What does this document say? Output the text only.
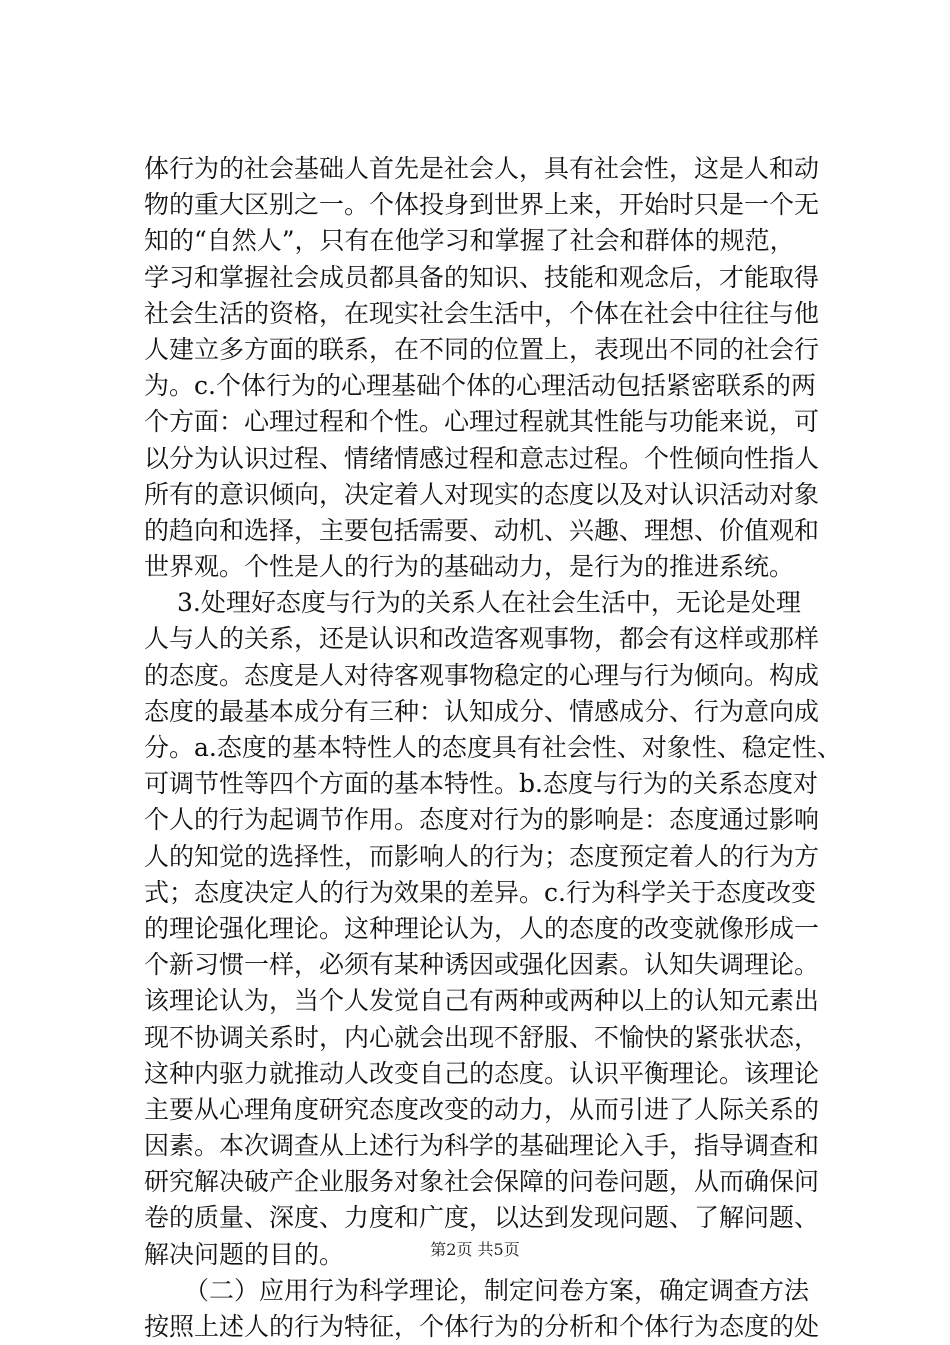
体行为的社会基础人首先是社会人，具有社会性，这是人和动
物的重大区别之一。个体投身到世界上来，开始时只是一个无
知的“自然人”，只有在他学习和掌握了社会和群体的规范，
学习和掌握社会成员都具备的知识、技能和观念后，才能取得
社会生活的资格，在现实社会生活中，个体在社会中往往与他
人建立多方面的联系，在不同的位置上，表现出不同的社会行
为。c.个体行为的心理基础个体的心理活动包括紧密联系的两
个方面：心理过程和个性。心理过程就其性能与功能来说，可
以分为认识过程、情绪情感过程和意志过程。个性倾向性指人
所有的意识倾向，决定着人对现实的态度以及对认识活动对象
的趋向和选择，主要包括需要、动机、兴趣、理想、价值观和
世界观。个性是人的行为的基础动力，是行为的推进系统。
3.处理好态度与行为的关系人在社会生活中，无论是处理
人与人的关系，还是认识和改造客观事物，都会有这样或那样
的态度。态度是人对待客观事物稳定的心理与行为倾向。构成
态度的最基本成分有三种：认知成分、情感成分、行为意向成
分。a.态度的基本特性人的态度具有社会性、对象性、稳定性、
可调节性等四个方面的基本特性。b.态度与行为的关系态度对
个人的行为起调节作用。态度对行为的影响是：态度通过影响
人的知觉的选择性，而影响人的行为；态度预定着人的行为方
式；态度决定人的行为效果的差异。c.行为科学关于态度改变
的理论强化理论。这种理论认为，人的态度的改变就像形成一
个新习惯一样，必须有某种诱因或强化因素。认知失调理论。
该理论认为，当个人发觉自己有两种或两种以上的认知元素出
现不协调关系时，内心就会出现不舒服、不愉快的紧张状态，
这种内驱力就推动人改变自己的态度。认识平衡理论。该理论
主要从心理角度研究态度改变的动力，从而引进了人际关系的
因素。本次调查从上述行为科学的基础理论入手，指导调查和
研究解决破产企业服务对象社会保障的问卷问题，从而确保问
卷的质量、深度、力度和广度，以达到发现问题、了解问题、
解决问题的目的。
（二）应用行为科学理论，制定问卷方案，确定调查方法
按照上述人的行为特征，个体行为的分析和个体行为态度的处
第2页 共5页
